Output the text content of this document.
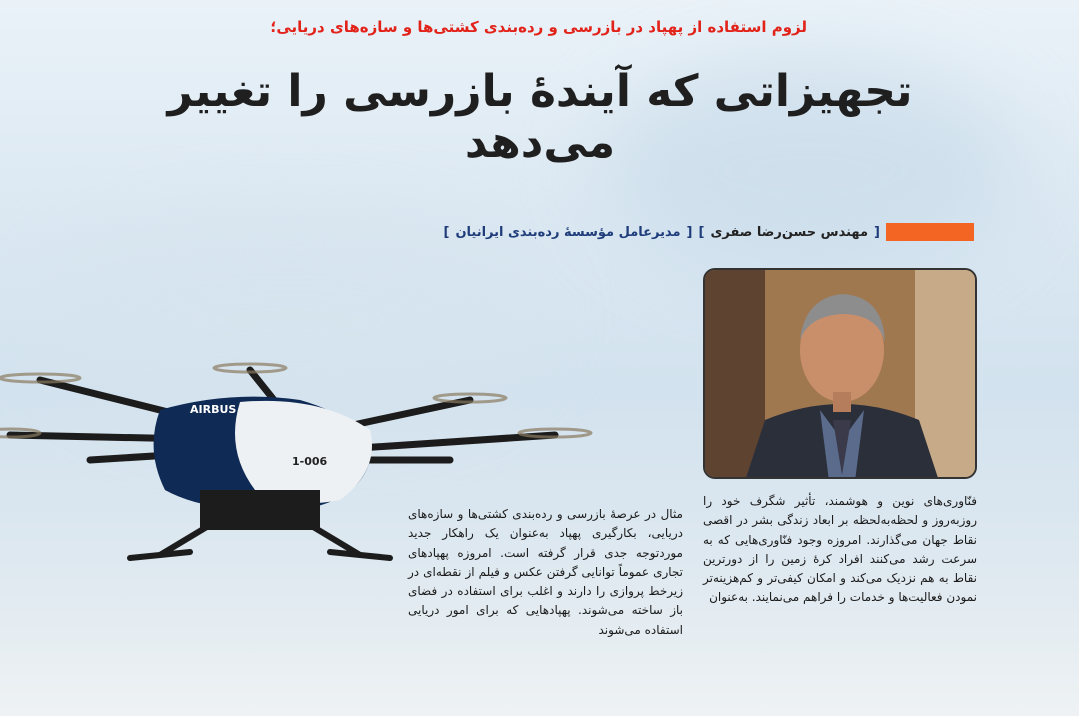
لزوم استفاده از پهپاد در بازرسی و رده‌بندی کشتی‌ها و سازه‌های دریایی؛
تجهیزاتی که آیندهٔ بازرسی را تغییر می‌دهد
[
مهندس حسن‌رضا صفری
]
[
مدیرعامل مؤسسهٔ رده‌بندی ایرانیان
]
AIRBUS
1-006

فنّاوری‌های نوین و هوشمند، تأثیر شگرف خود را روزبه‌روز و لحظه‌به‌لحظه بر ابعاد زندگی بشر در اقصی نقاط جهان می‌گذارند. امروزه وجود فنّاوری‌هایی که به سرعت رشد می‌کنند افراد کرهٔ زمین را از دورترین نقاط به هم نزدیک می‌کند و امکان کیفی‌تر و کم‌هزینه‌تر نمودن فعالیت‌ها و خدمات را فراهم می‌نمایند. به‌عنوان

مثال در عرصهٔ بازرسی و رده‌بندی کشتی‌ها و سازه‌های دریایی، بکارگیری پهپاد به‌عنوان یک راهکار جدید موردتوجه جدی قرار گرفته است. امروزه پهپادهای تجاری عموماً توانایی گرفتن عکس و فیلم از نقطه‌ای در زیرخط پروازی را دارند و اغلب برای استفاده در فضای باز ساخته می‌شوند. پهپادهایی که برای امور دریایی استفاده می‌شوند
